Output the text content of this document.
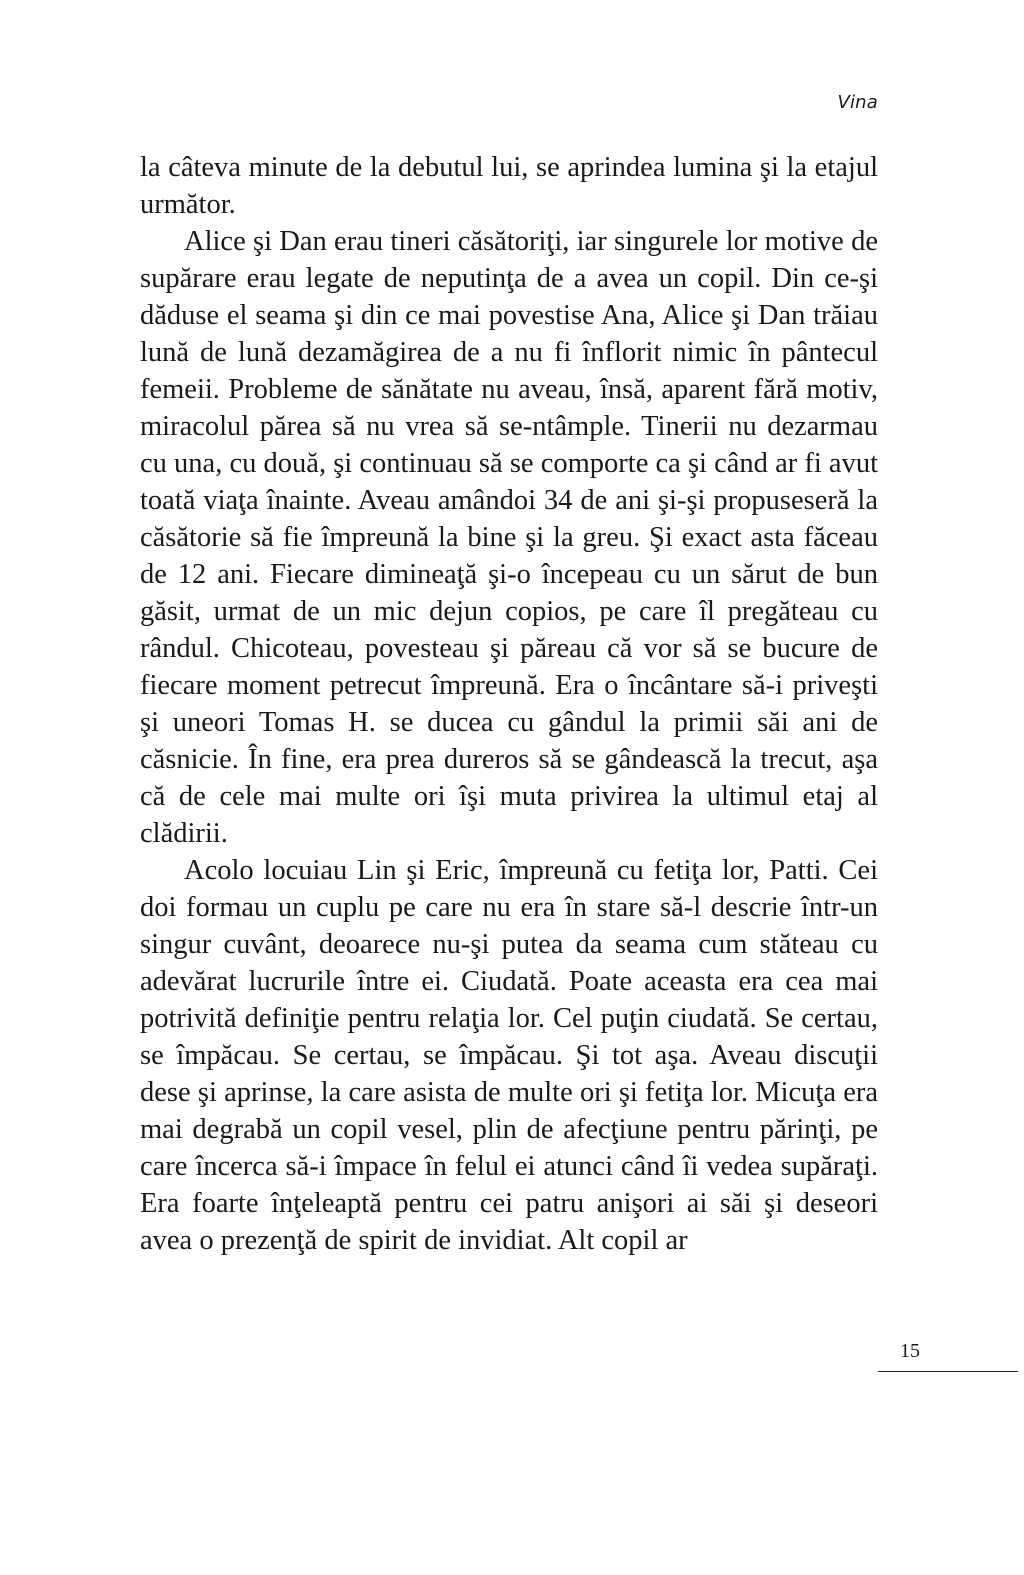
Vina

la câteva minute de la debutul lui, se aprindea lumina şi la etajul următor.

Alice şi Dan erau tineri căsătoriţi, iar singurele lor motive de supărare erau legate de neputinţa de a avea un copil. Din ce-şi dăduse el seama şi din ce mai povestise Ana, Alice şi Dan trăiau lună de lună dezamăgirea de a nu fi înflorit nimic în pântecul femeii. Probleme de sănătate nu aveau, însă, aparent fără motiv, miracolul părea să nu vrea să se-ntâmple. Tinerii nu dezarmau cu una, cu două, şi continuau să se comporte ca şi când ar fi avut toată viaţa înainte. Aveau amândoi 34 de ani şi-şi propuseseră la căsătorie să fie împreună la bine şi la greu. Şi exact asta făceau de 12 ani. Fiecare dimineaţă şi-o începeau cu un sărut de bun găsit, urmat de un mic dejun copios, pe care îl pregăteau cu rândul. Chicoteau, povesteau şi păreau că vor să se bucure de fiecare moment petrecut împreună. Era o încântare să-i priveşti şi uneori Tomas H. se ducea cu gândul la primii săi ani de căsnicie. În fine, era prea dureros să se gândească la trecut, aşa că de cele mai multe ori îşi muta privirea la ultimul etaj al clădirii.

Acolo locuiau Lin şi Eric, împreună cu fetiţa lor, Patti. Cei doi formau un cuplu pe care nu era în stare să-l descrie într-un singur cuvânt, deoarece nu-şi putea da seama cum stăteau cu adevărat lucrurile între ei. Ciudată. Poate aceasta era cea mai potrivită definiţie pentru relaţia lor. Cel puţin ciudată. Se certau, se împăcau. Se certau, se împăcau. Şi tot aşa. Aveau discuţii dese şi aprinse, la care asista de multe ori şi fetiţa lor. Micuţa era mai degrabă un copil vesel, plin de afecţiune pentru părinţi, pe care încerca să-i împace în felul ei atunci când îi vedea supăraţi. Era foarte înţeleaptă pentru cei patru anişori ai săi şi deseori avea o prezenţă de spirit de invidiat. Alt copil ar

15
